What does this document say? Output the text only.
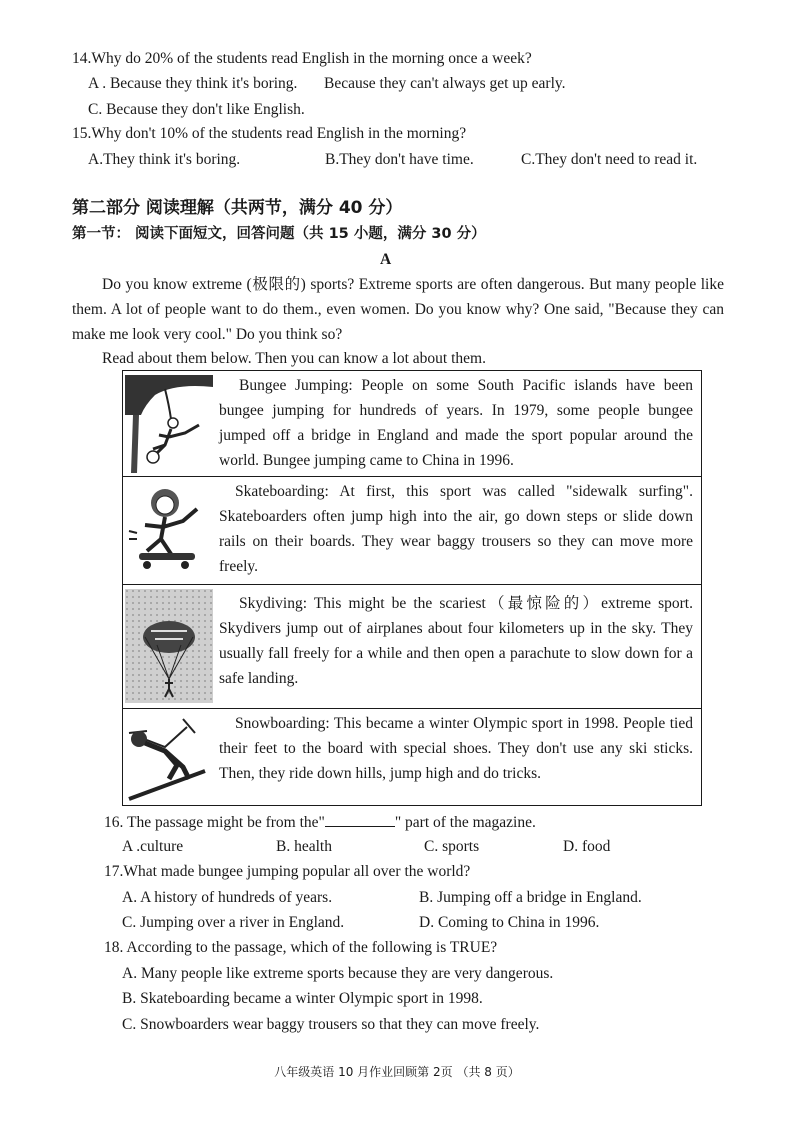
14.Why do 20% of the students read English in the morning once a week?
A . Because they think it's boring. Because they can't always get up early.
C. Because they don't like English.
15.Why don't 10% of the students read English in the morning?
A.They think it's boring.	B.They don't have time.	C.They don't need to read it.
第二部分 阅读理解（共两节，满分 40 分）
第一节： 阅读下面短文，回答问题（共 15 小题，满分 30 分）
A
Do you know extreme (极限的) sports? Extreme sports are often dangerous. But many people like them. A lot of people want to do them., even women. Do you know why? One said, "Because they can make me look very cool." Do you think so?
Read about them below. Then you can know a lot about them.
Bungee Jumping: People on some South Pacific islands have been bungee jumping for hundreds of years. In 1979, some people bungee jumped off a bridge in England and made the sport popular around the world. Bungee jumping came to China in 1996.
Skateboarding: At first, this sport was called "sidewalk surfing". Skateboarders often jump high into the air, go down steps or slide down rails on their boards. They wear baggy trousers so they can move more freely.
Skydiving: This might be the scariest（最惊险的）extreme sport. Skydivers jump out of airplanes about four kilometers up in the sky. They usually fall freely for a while and then open a parachute to slow down for a safe landing.
Snowboarding: This became a winter Olympic sport in 1998. People tied their feet to the board with special shoes. They don't use any ski sticks. Then, they ride down hills, jump high and do tricks.
16. The passage might be from the"	" part of the magazine.
A .culture	B. health	C. sports	D. food
17.What made bungee jumping popular all over the world?
A. A history of hundreds of years.	B. Jumping off a bridge in England.
C. Jumping over a river in England.	D. Coming to China in 1996.
18. According to the passage, which of the following is TRUE?
A. Many people like extreme sports because they are very dangerous.
B. Skateboarding became a winter Olympic sport in 1998.
C. Snowboarders wear baggy trousers so that they can move freely.
八年级英语 10 月作业回顾第 2页 （共 8 页）
